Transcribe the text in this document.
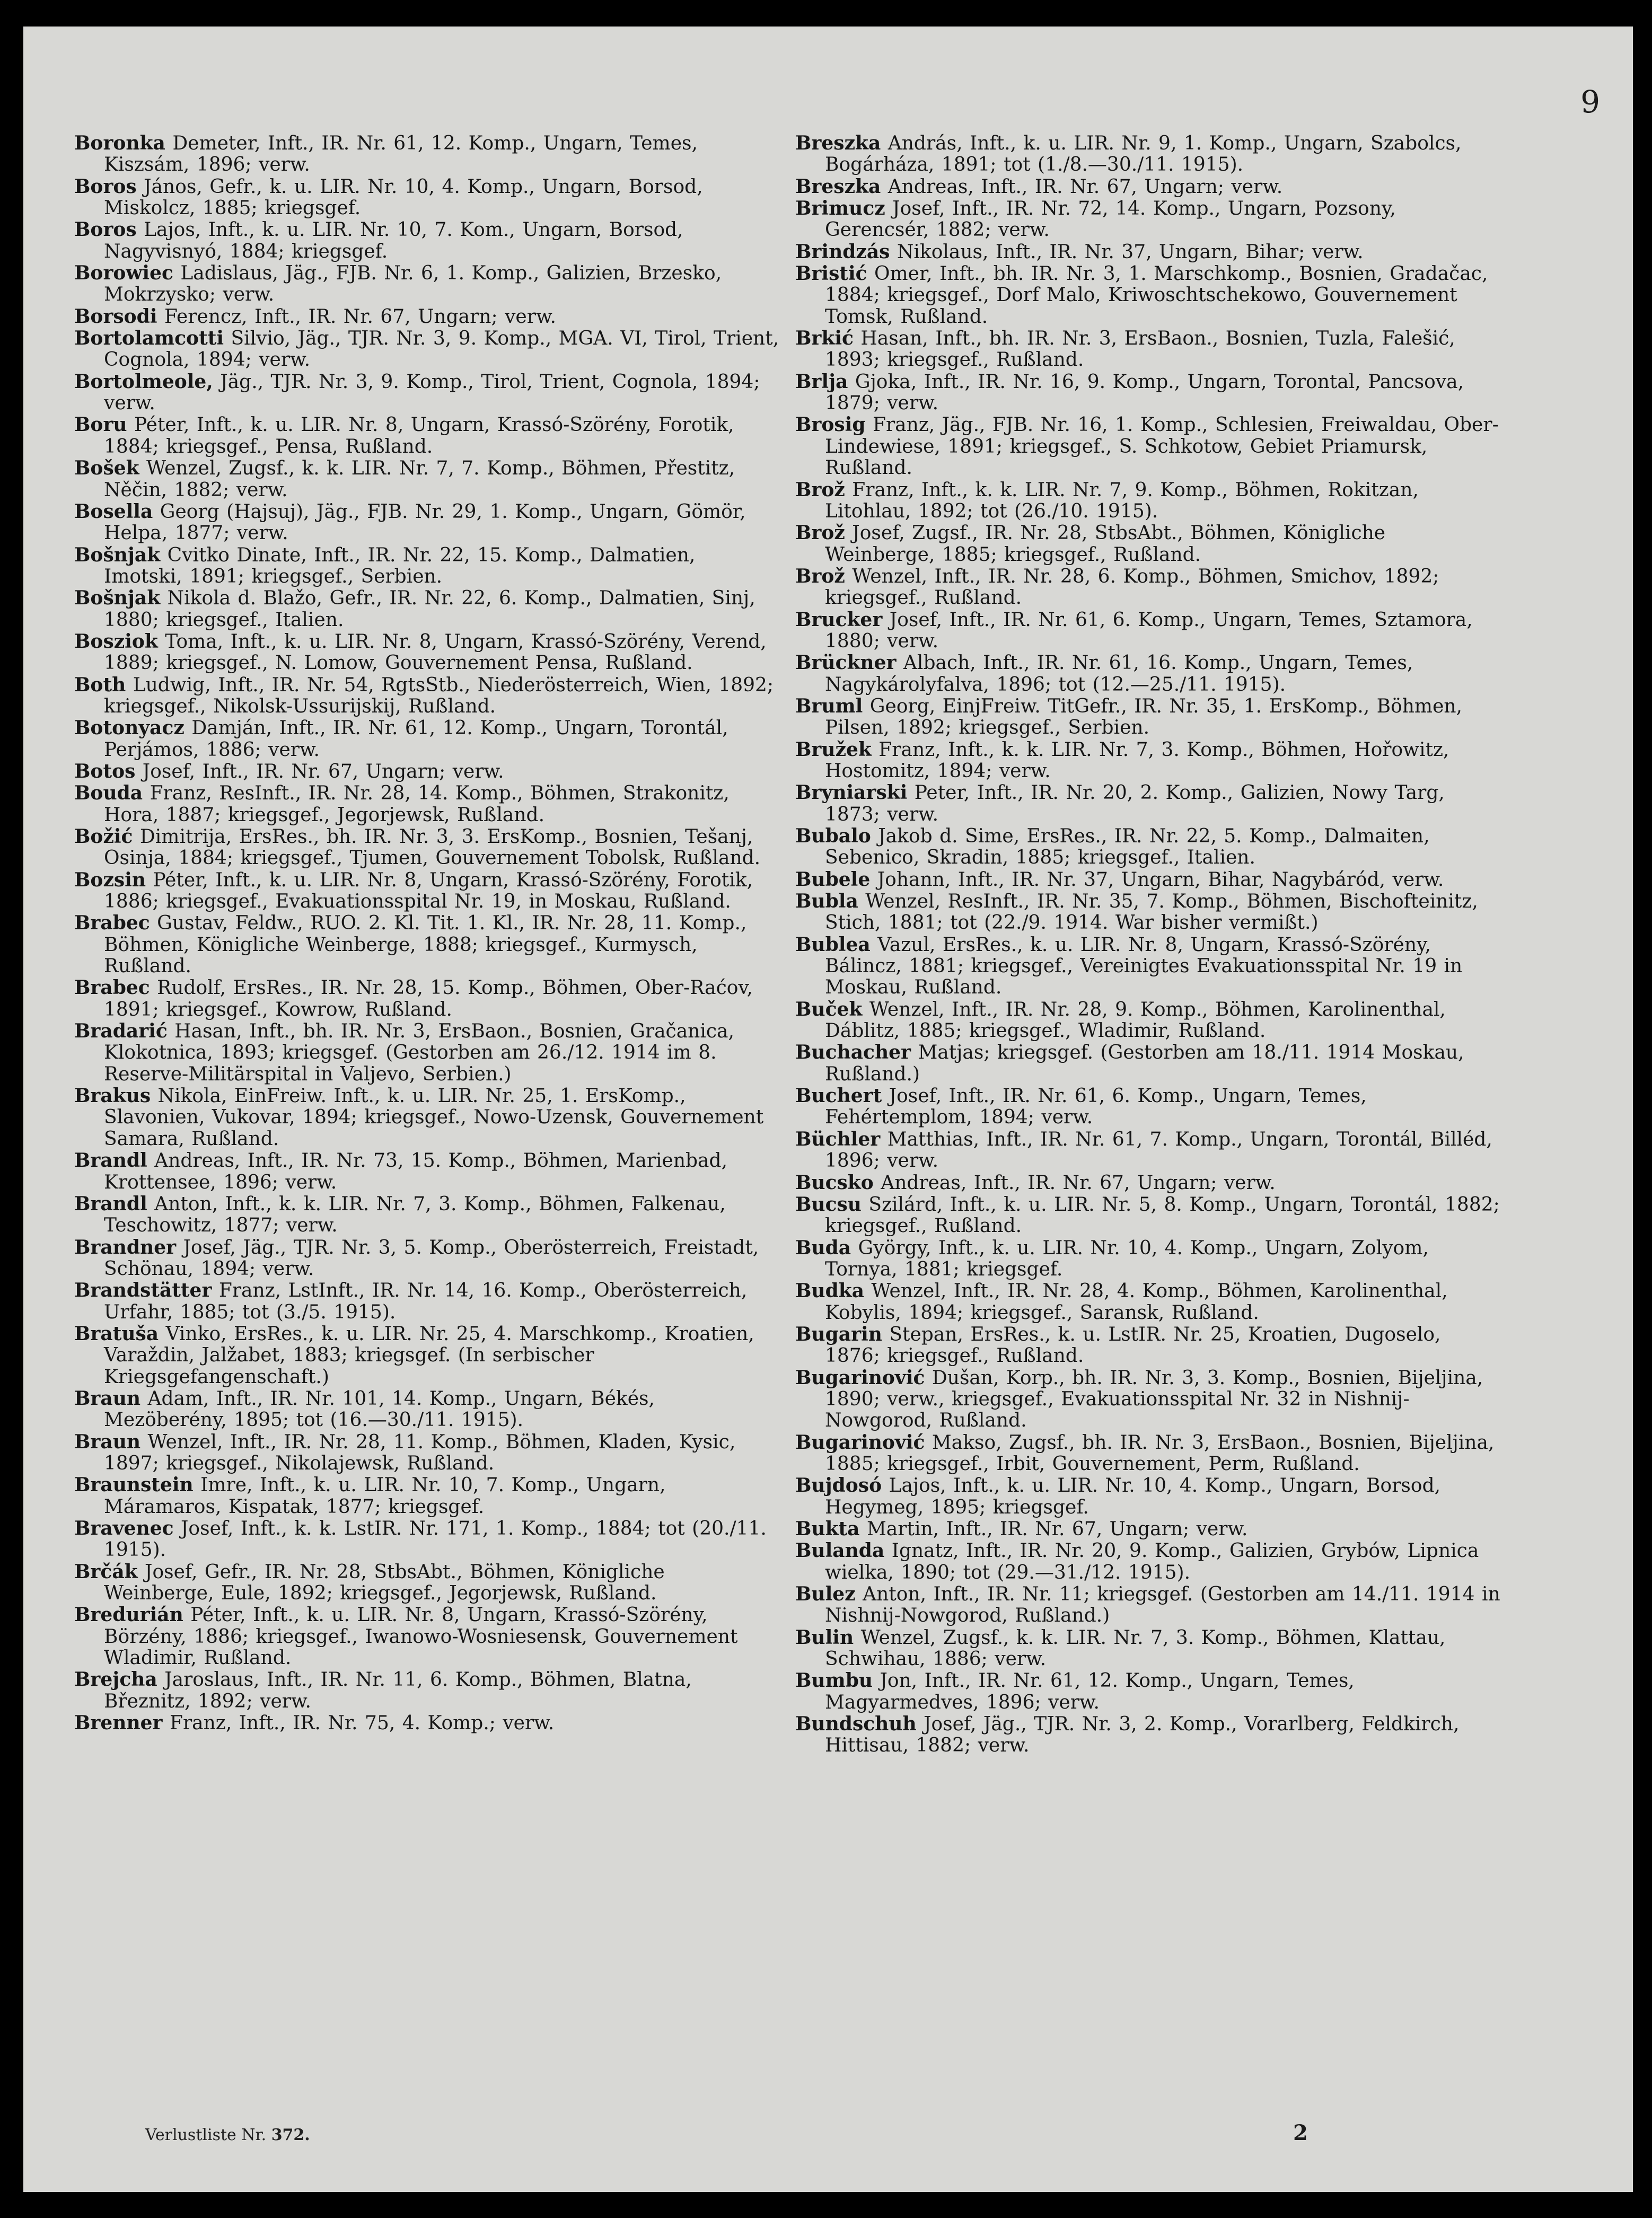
9
Boronka Demeter, Inft., IR. Nr. 61, 12. Komp., Ungarn, Temes, Kiszsám, 1896; verw.
Boros János, Gefr., k. u. LIR. Nr. 10, 4. Komp., Ungarn, Borsod, Miskolcz, 1885; kriegsgef.
Boros Lajos, Inft., k. u. LIR. Nr. 10, 7. Kom., Ungarn, Borsod, Nagyvisnyó, 1884; kriegsgef.
Borowiec Ladislaus, Jäg., FJB. Nr. 6, 1. Komp., Galizien, Brzesko, Mokrzysko; verw.
Borsodi Ferencz, Inft., IR. Nr. 67, Ungarn; verw.
Bortolamcotti Silvio, Jäg., TJR. Nr. 3, 9. Komp., MGA. VI, Tirol, Trient, Cognola, 1894; verw.
Bortolmeole, Jäg., TJR. Nr. 3, 9. Komp., Tirol, Trient, Cognola, 1894; verw.
Boru Péter, Inft., k. u. LIR. Nr. 8, Ungarn, Krassó-Szörény, Forotik, 1884; kriegsgef., Pensa, Rußland.
Bošek Wenzel, Zugsf., k. k. LIR. Nr. 7, 7. Komp., Böhmen, Přestitz, Něčin, 1882; verw.
Bosella Georg (Hajsuj), Jäg., FJB. Nr. 29, 1. Komp., Ungarn, Gömör, Helpa, 1877; verw.
Bošnjak Cvitko Dinate, Inft., IR. Nr. 22, 15. Komp., Dalmatien, Imotski, 1891; kriegsgef., Serbien.
Bošnjak Nikola d. Blažo, Gefr., IR. Nr. 22, 6. Komp., Dalmatien, Sinj, 1880; kriegsgef., Italien.
Bosziok Toma, Inft., k. u. LIR. Nr. 8, Ungarn, Krassó-Szörény, Verend, 1889; kriegsgef., N. Lomow, Gouvernement Pensa, Rußland.
Both Ludwig, Inft., IR. Nr. 54, RgtsStb., Niederösterreich, Wien, 1892; kriegsgef., Nikolsk-Ussurijskij, Rußland.
Botonyacz Damján, Inft., IR. Nr. 61, 12. Komp., Ungarn, Torontál, Perjámos, 1886; verw.
Botos Josef, Inft., IR. Nr. 67, Ungarn; verw.
Bouda Franz, ResInft., IR. Nr. 28, 14. Komp., Böhmen, Strakonitz, Hora, 1887; kriegsgef., Jegorjewsk, Rußland.
Božić Dimitrija, ErsRes., bh. IR. Nr. 3, 3. ErsKomp., Bosnien, Tešanj, Osinja, 1884; kriegsgef., Tjumen, Gouvernement Tobolsk, Rußland.
Bozsin Péter, Inft., k. u. LIR. Nr. 8, Ungarn, Krassó-Szörény, Forotik, 1886; kriegsgef., Evakuationsspital Nr. 19, in Moskau, Rußland.
Brabec Gustav, Feldw., RUO. 2. Kl. Tit. 1. Kl., IR. Nr. 28, 11. Komp., Böhmen, Königliche Weinberge, 1888; kriegsgef., Kurmysch, Rußland.
Brabec Rudolf, ErsRes., IR. Nr. 28, 15. Komp., Böhmen, Ober-Raćov, 1891; kriegsgef., Kowrow, Rußland.
Bradarić Hasan, Inft., bh. IR. Nr. 3, ErsBaon., Bosnien, Gračanica, Klokotnica, 1893; kriegsgef. (Gestorben am 26./12. 1914 im 8. Reserve-Militärspital in Valjevo, Serbien.)
Brakus Nikola, EinFreiw. Inft., k. u. LIR. Nr. 25, 1. ErsKomp., Slavonien, Vukovar, 1894; kriegsgef., Nowo-Uzensk, Gouvernement Samara, Rußland.
Brandl Andreas, Inft., IR. Nr. 73, 15. Komp., Böhmen, Marienbad, Krottensee, 1896; verw.
Brandl Anton, Inft., k. k. LIR. Nr. 7, 3. Komp., Böhmen, Falkenau, Teschowitz, 1877; verw.
Brandner Josef, Jäg., TJR. Nr. 3, 5. Komp., Oberösterreich, Freistadt, Schönau, 1894; verw.
Brandstätter Franz, LstInft., IR. Nr. 14, 16. Komp., Oberösterreich, Urfahr, 1885; tot (3./5. 1915).
Bratuša Vinko, ErsRes., k. u. LIR. Nr. 25, 4. Marschkomp., Kroatien, Varaždin, Jalžabet, 1883; kriegsgef. (In serbischer Kriegsgefangenschaft.)
Braun Adam, Inft., IR. Nr. 101, 14. Komp., Ungarn, Békés, Mezöberény, 1895; tot (16.—30./11. 1915).
Braun Wenzel, Inft., IR. Nr. 28, 11. Komp., Böhmen, Kladen, Kysic, 1897; kriegsgef., Nikolajewsk, Rußland.
Braunstein Imre, Inft., k. u. LIR. Nr. 10, 7. Komp., Ungarn, Máramaros, Kispatak, 1877; kriegsgef.
Bravenec Josef, Inft., k. k. LstIR. Nr. 171, 1. Komp., 1884; tot (20./11. 1915).
Brčák Josef, Gefr., IR. Nr. 28, StbsAbt., Böhmen, Königliche Weinberge, Eule, 1892; kriegsgef., Jegorjewsk, Rußland.
Bredurián Péter, Inft., k. u. LIR. Nr. 8, Ungarn, Krassó-Szörény, Börzény, 1886; kriegsgef., Iwanowo-Wosniesensk, Gouvernement Wladimir, Rußland.
Brejcha Jaroslaus, Inft., IR. Nr. 11, 6. Komp., Böhmen, Blatna, Březnitz, 1892; verw.
Brenner Franz, Inft., IR. Nr. 75, 4. Komp.; verw.
Breszka András, Inft., k. u. LIR. Nr. 9, 1. Komp., Ungarn, Szabolcs, Bogárháza, 1891; tot (1./8.—30./11. 1915).
Breszka Andreas, Inft., IR. Nr. 67, Ungarn; verw.
Brimucz Josef, Inft., IR. Nr. 72, 14. Komp., Ungarn, Pozsony, Gerencsér, 1882; verw.
Brindzás Nikolaus, Inft., IR. Nr. 37, Ungarn, Bihar; verw.
Bristić Omer, Inft., bh. IR. Nr. 3, 1. Marschkomp., Bosnien, Gradačac, 1884; kriegsgef., Dorf Malo, Kriwoschtschekowo, Gouvernement Tomsk, Rußland.
Brkić Hasan, Inft., bh. IR. Nr. 3, ErsBaon., Bosnien, Tuzla, Falešić, 1893; kriegsgef., Rußland.
Brlja Gjoka, Inft., IR. Nr. 16, 9. Komp., Ungarn, Torontal, Pancsova, 1879; verw.
Brosig Franz, Jäg., FJB. Nr. 16, 1. Komp., Schlesien, Freiwaldau, Ober-Lindewiese, 1891; kriegsgef., S. Schkotow, Gebiet Priamursk, Rußland.
Brož Franz, Inft., k. k. LIR. Nr. 7, 9. Komp., Böhmen, Rokitzan, Litohlau, 1892; tot (26./10. 1915).
Brož Josef, Zugsf., IR. Nr. 28, StbsAbt., Böhmen, Königliche Weinberge, 1885; kriegsgef., Rußland.
Brož Wenzel, Inft., IR. Nr. 28, 6. Komp., Böhmen, Smichov, 1892; kriegsgef., Rußland.
Brucker Josef, Inft., IR. Nr. 61, 6. Komp., Ungarn, Temes, Sztamora, 1880; verw.
Brückner Albach, Inft., IR. Nr. 61, 16. Komp., Ungarn, Temes, Nagykárolyfalva, 1896; tot (12.—25./11. 1915).
Bruml Georg, EinjFreiw. TitGefr., IR. Nr. 35, 1. ErsKomp., Böhmen, Pilsen, 1892; kriegsgef., Serbien.
Bružek Franz, Inft., k. k. LIR. Nr. 7, 3. Komp., Böhmen, Hořowitz, Hostomitz, 1894; verw.
Bryniarski Peter, Inft., IR. Nr. 20, 2. Komp., Galizien, Nowy Targ, 1873; verw.
Bubalo Jakob d. Sime, ErsRes., IR. Nr. 22, 5. Komp., Dalmaiten, Sebenico, Skradin, 1885; kriegsgef., Italien.
Bubele Johann, Inft., IR. Nr. 37, Ungarn, Bihar, Nagybáród, verw.
Bubla Wenzel, ResInft., IR. Nr. 35, 7. Komp., Böhmen, Bischofteinitz, Stich, 1881; tot (22./9. 1914. War bisher vermißt.)
Bublea Vazul, ErsRes., k. u. LIR. Nr. 8, Ungarn, Krassó-Szörény, Bálincz, 1881; kriegsgef., Vereinigtes Evakuationsspital Nr. 19 in Moskau, Rußland.
Buček Wenzel, Inft., IR. Nr. 28, 9. Komp., Böhmen, Karolinenthal, Dáblitz, 1885; kriegsgef., Wladimir, Rußland.
Buchacher Matjas; kriegsgef. (Gestorben am 18./11. 1914 Moskau, Rußland.)
Buchert Josef, Inft., IR. Nr. 61, 6. Komp., Ungarn, Temes, Fehértemplom, 1894; verw.
Büchler Matthias, Inft., IR. Nr. 61, 7. Komp., Ungarn, Torontál, Billéd, 1896; verw.
Bucsko Andreas, Inft., IR. Nr. 67, Ungarn; verw.
Bucsu Szilárd, Inft., k. u. LIR. Nr. 5, 8. Komp., Ungarn, Torontál, 1882; kriegsgef., Rußland.
Buda György, Inft., k. u. LIR. Nr. 10, 4. Komp., Ungarn, Zolyom, Tornya, 1881; kriegsgef.
Budka Wenzel, Inft., IR. Nr. 28, 4. Komp., Böhmen, Karolinenthal, Kobylis, 1894; kriegsgef., Saransk, Rußland.
Bugarin Stepan, ErsRes., k. u. LstIR. Nr. 25, Kroatien, Dugoselo, 1876; kriegsgef., Rußland.
Bugarinović Dušan, Korp., bh. IR. Nr. 3, 3. Komp., Bosnien, Bijeljina, 1890; verw., kriegsgef., Evakuationsspital Nr. 32 in Nishnij-Nowgorod, Rußland.
Bugarinović Makso, Zugsf., bh. IR. Nr. 3, ErsBaon., Bosnien, Bijeljina, 1885; kriegsgef., Irbit, Gouvernement, Perm, Rußland.
Bujdosó Lajos, Inft., k. u. LIR. Nr. 10, 4. Komp., Ungarn, Borsod, Hegymeg, 1895; kriegsgef.
Bukta Martin, Inft., IR. Nr. 67, Ungarn; verw.
Bulanda Ignatz, Inft., IR. Nr. 20, 9. Komp., Galizien, Grybów, Lipnica wielka, 1890; tot (29.—31./12. 1915).
Bulez Anton, Inft., IR. Nr. 11; kriegsgef. (Gestorben am 14./11. 1914 in Nishnij-Nowgorod, Rußland.)
Bulin Wenzel, Zugsf., k. k. LIR. Nr. 7, 3. Komp., Böhmen, Klattau, Schwihau, 1886; verw.
Bumbu Jon, Inft., IR. Nr. 61, 12. Komp., Ungarn, Temes, Magyarmedves, 1896; verw.
Bundschuh Josef, Jäg., TJR. Nr. 3, 2. Komp., Vorarlberg, Feldkirch, Hittisau, 1882; verw.
Verlustliste Nr. 372.	2
